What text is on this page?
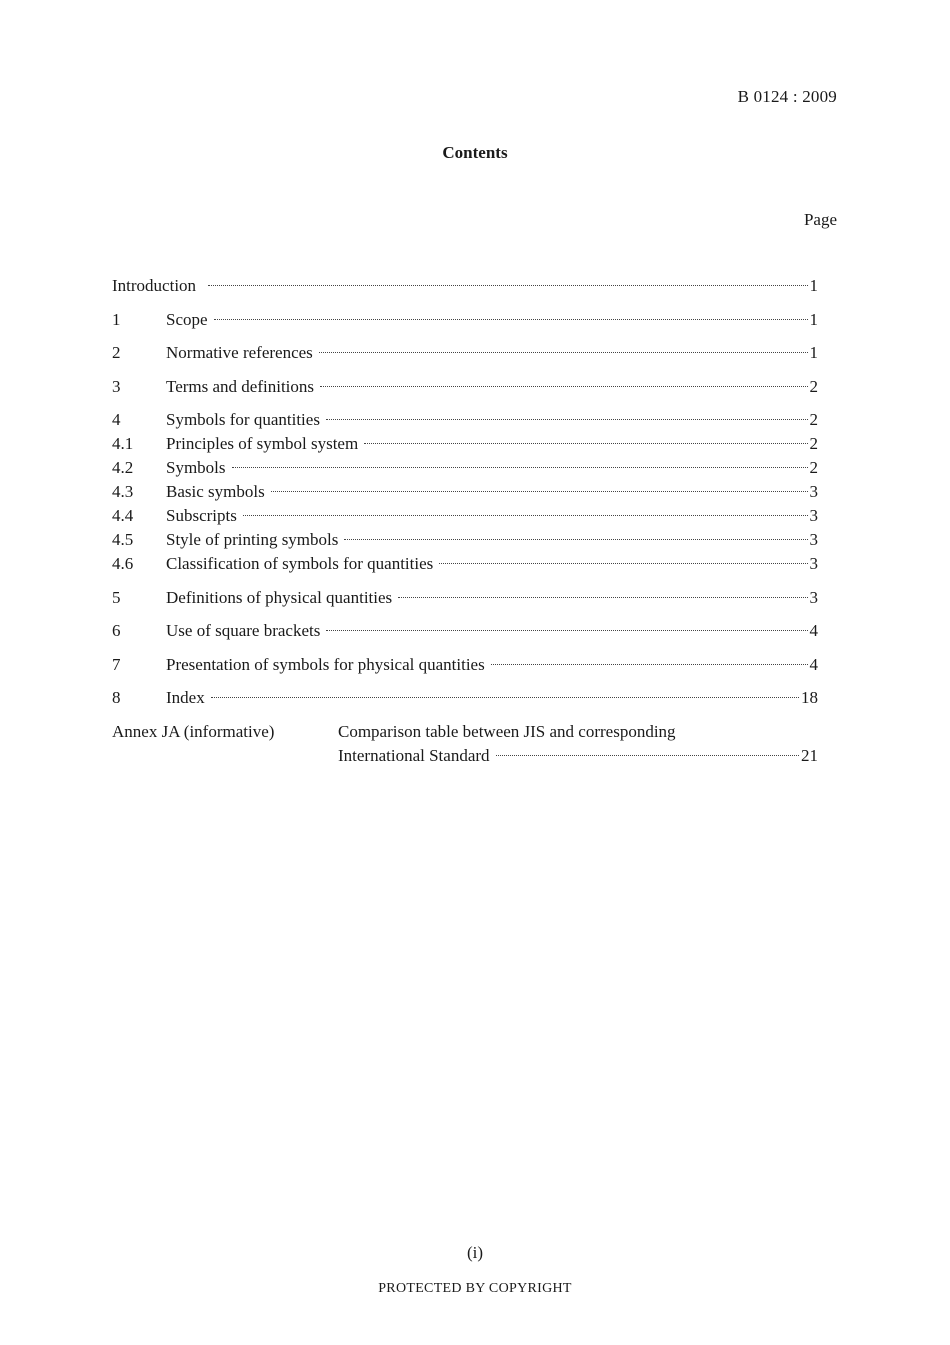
B 0124 : 2009
Contents
Page
Introduction	1
1	Scope	1
2	Normative references	1
3	Terms and definitions	2
4	Symbols for quantities	2
4.1	Principles of symbol system	2
4.2	Symbols	2
4.3	Basic symbols	3
4.4	Subscripts	3
4.5	Style of printing symbols	3
4.6	Classification of symbols for quantities	3
5	Definitions of physical quantities	3
6	Use of square brackets	4
7	Presentation of symbols for physical quantities	4
8	Index	18
Annex JA (informative)	Comparison table between JIS and corresponding
International Standard	21
(i)
PROTECTED BY COPYRIGHT
